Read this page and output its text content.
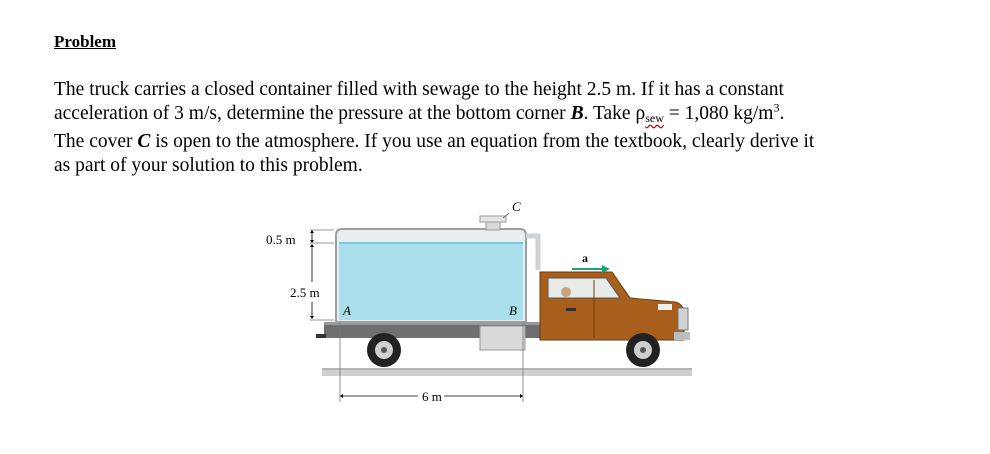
Problem

The truck carries a closed container filled with sewage to the height 2.5 m. If it has a constant
acceleration of 3 m/s, determine the pressure at the bottom corner B. Take ρsew = 1,080 $kg/m^3$.
The cover C is open to the atmosphere. If you use an equation from the textbook, clearly derive it
as part of your solution to this problem.
A	B
C
a
0.5 m
2.5 m
6 m
